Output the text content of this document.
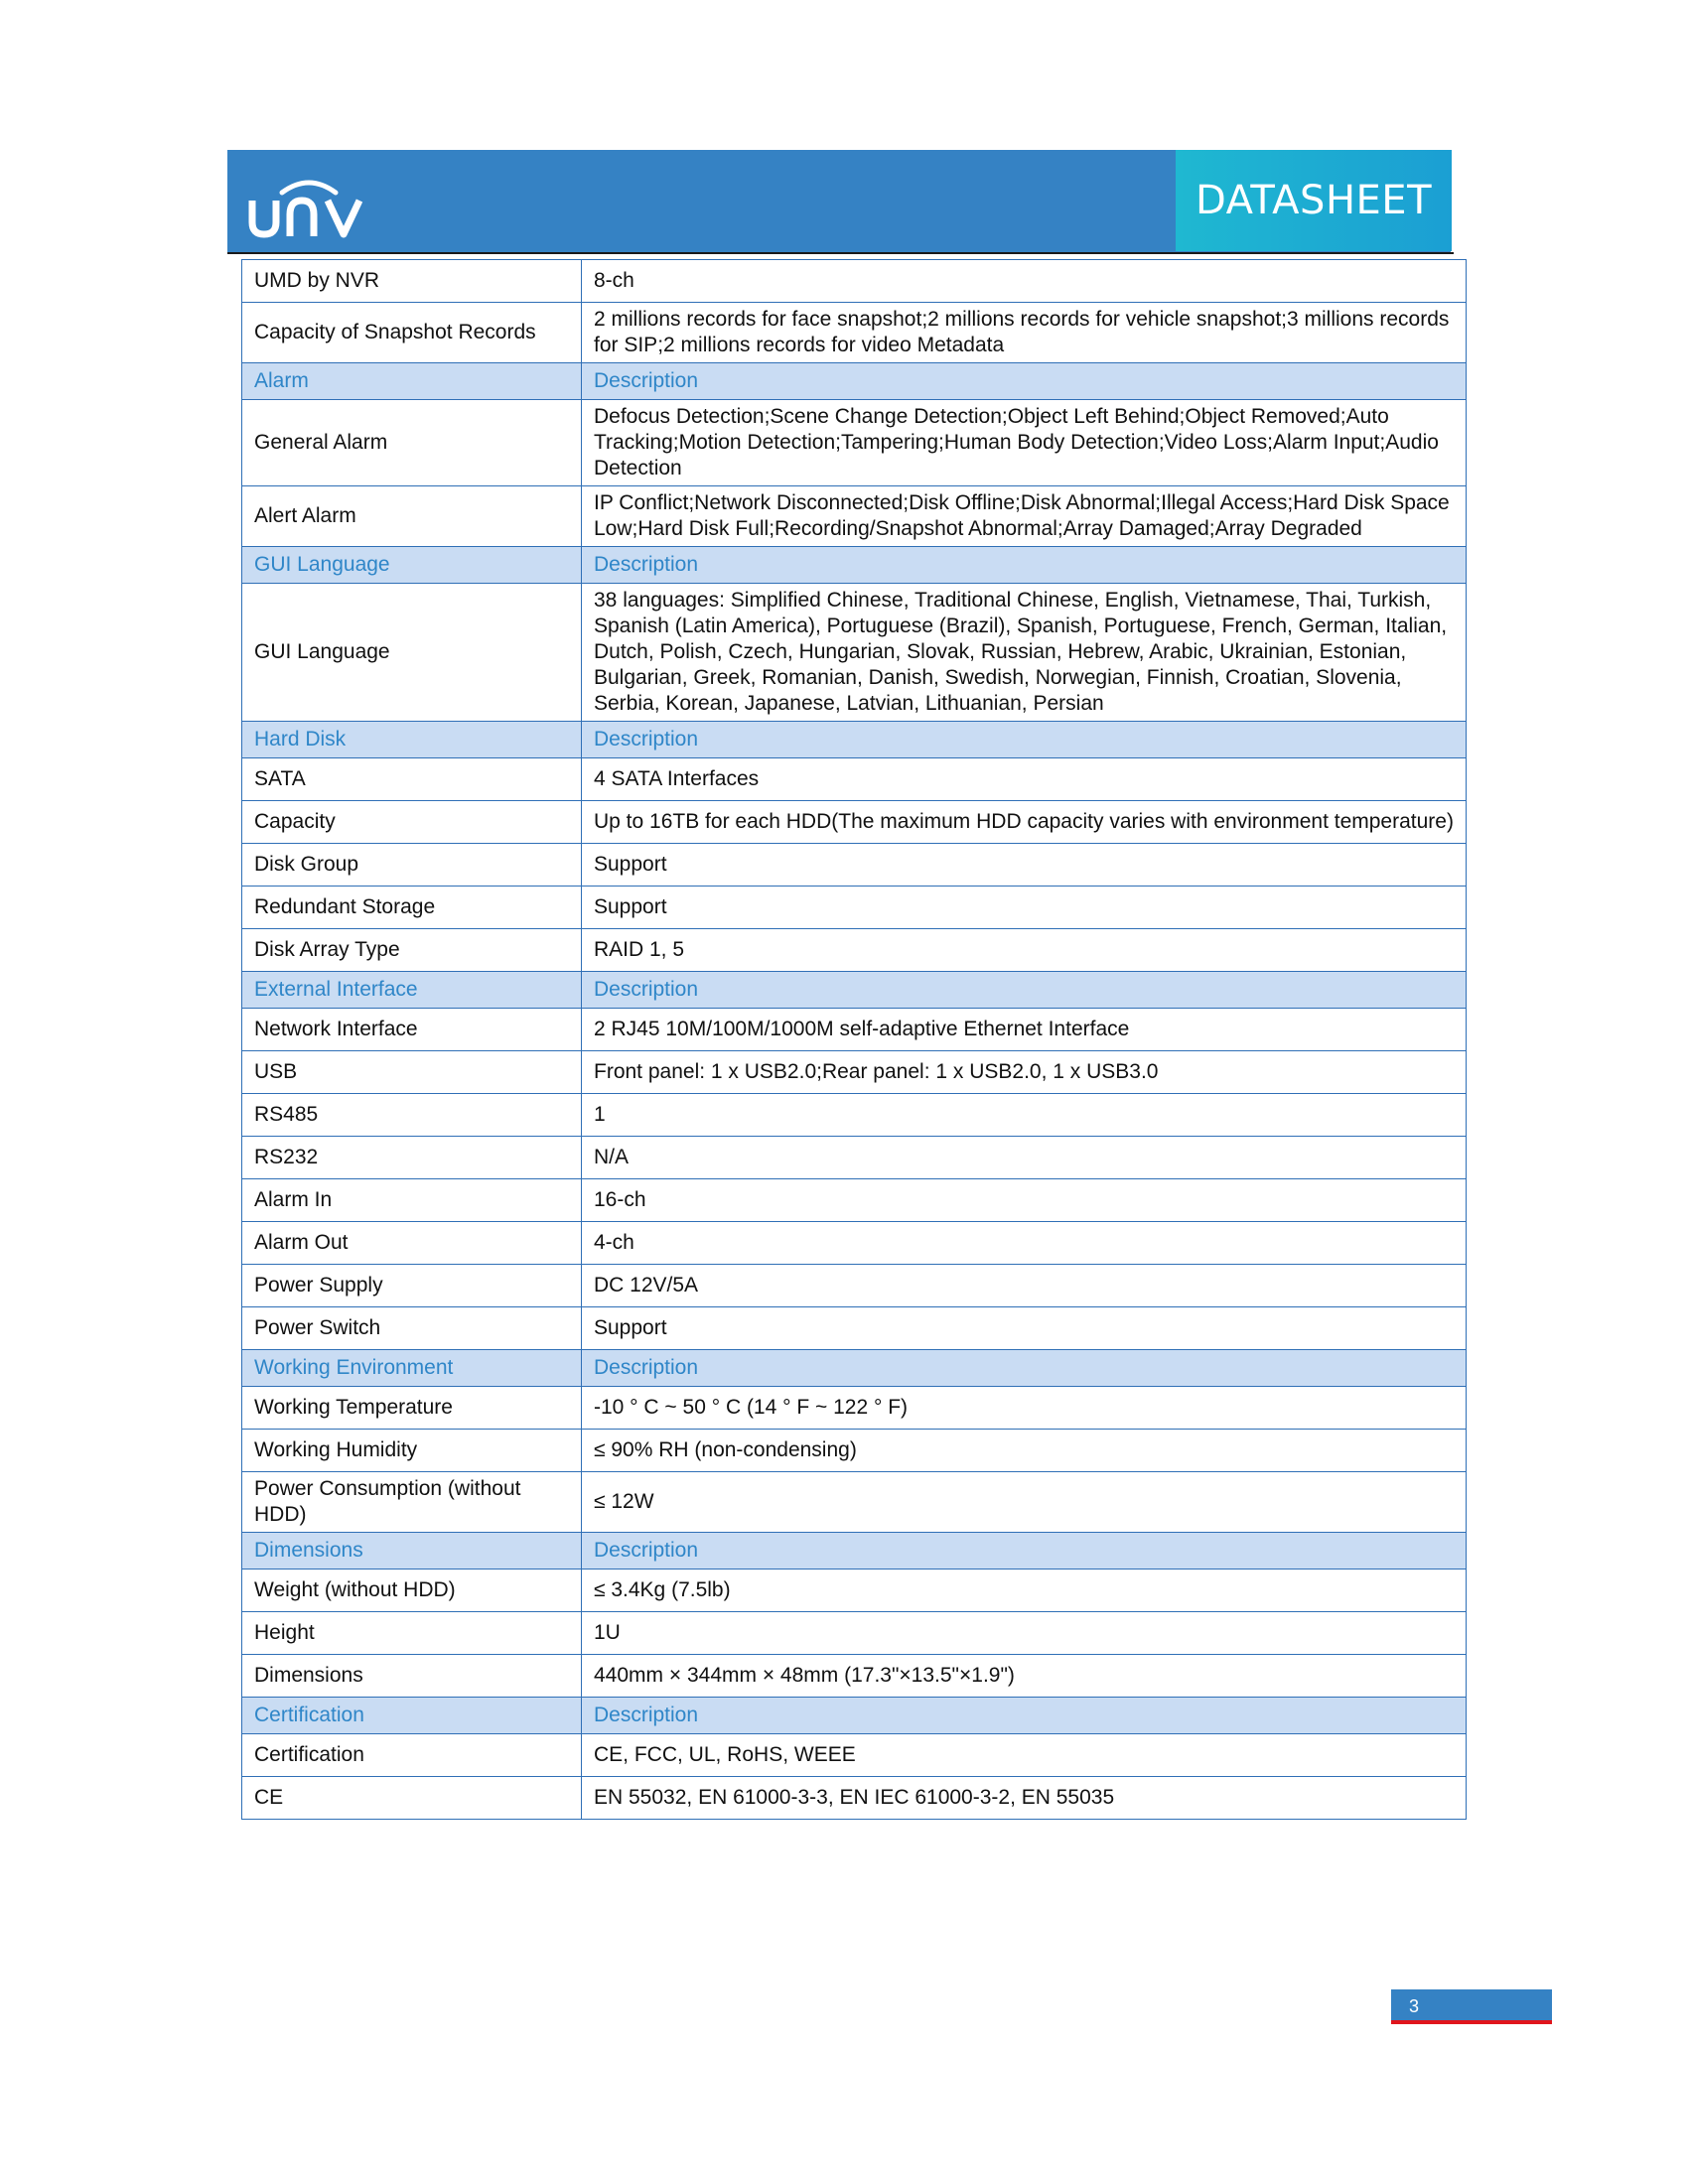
DATASHEET
UMD by NVR	8-ch
Capacity of Snapshot Records	2 millions records for face snapshot;2 millions records for vehicle snapshot;3 millions records for SIP;2 millions records for video Metadata
Alarm	Description
General Alarm	Defocus Detection;Scene Change Detection;Object Left Behind;Object Removed;Auto Tracking;Motion Detection;Tampering;Human Body Detection;Video Loss;Alarm Input;Audio Detection
Alert Alarm	IP Conflict;Network Disconnected;Disk Offline;Disk Abnormal;Illegal Access;Hard Disk Space Low;Hard Disk Full;Recording/Snapshot Abnormal;Array Damaged;Array Degraded
GUI Language	Description
GUI Language	38 languages: Simplified Chinese, Traditional Chinese, English, Vietnamese, Thai, Turkish, Spanish (Latin America), Portuguese (Brazil), Spanish, Portuguese, French, German, Italian, Dutch, Polish, Czech, Hungarian, Slovak, Russian, Hebrew, Arabic, Ukrainian, Estonian, Bulgarian, Greek, Romanian, Danish, Swedish, Norwegian, Finnish, Croatian, Slovenia, Serbia, Korean, Japanese, Latvian, Lithuanian, Persian
Hard Disk	Description
SATA	4 SATA Interfaces
Capacity	Up to 16TB for each HDD(The maximum HDD capacity varies with environment temperature)
Disk Group	Support
Redundant Storage	Support
Disk Array Type	RAID 1, 5
External Interface	Description
Network Interface	2 RJ45 10M/100M/1000M self-adaptive Ethernet Interface
USB	Front panel: 1 x USB2.0;Rear panel: 1 x USB2.0, 1 x USB3.0
RS485	1
RS232	N/A
Alarm In	16-ch
Alarm Out	4-ch
Power Supply	DC 12V/5A
Power Switch	Support
Working Environment	Description
Working Temperature	-10 ° C ~ 50 ° C (14 ° F ~ 122 ° F)
Working Humidity	≤ 90% RH (non-condensing)
Power Consumption (without HDD)	≤ 12W
Dimensions	Description
Weight (without HDD)	≤ 3.4Kg (7.5lb)
Height	1U
Dimensions	440mm × 344mm × 48mm (17.3"×13.5"×1.9")
Certification	Description
Certification	CE, FCC, UL, RoHS, WEEE
CE	EN 55032, EN 61000-3-3, EN IEC 61000-3-2, EN 55035
3
